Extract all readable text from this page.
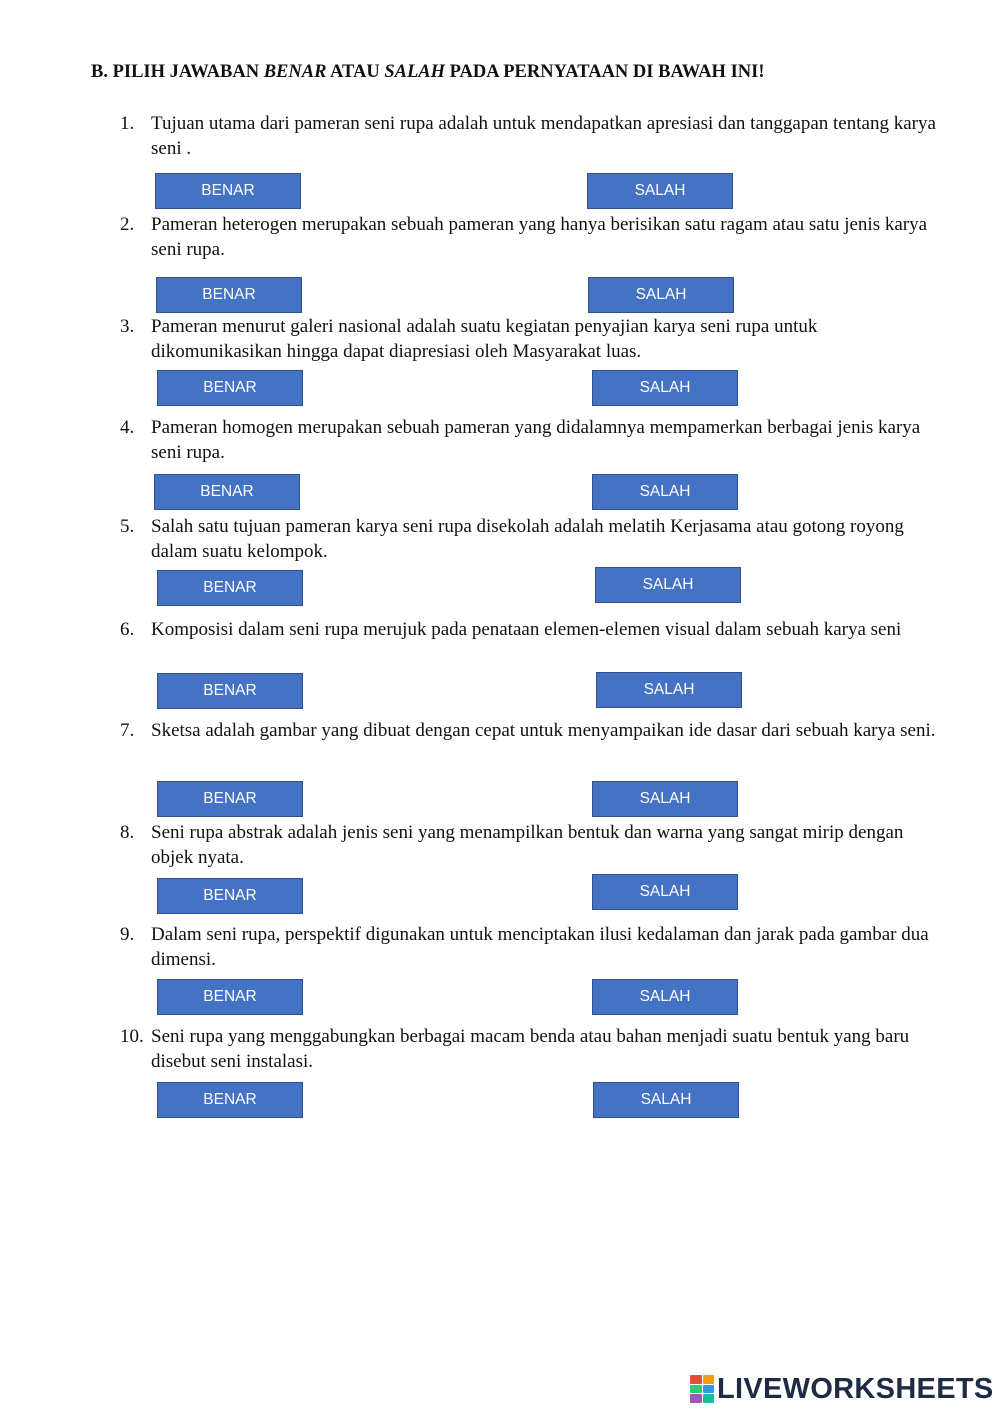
B. PILIH JAWABAN BENAR ATAU SALAH PADA PERNYATAAN DI BAWAH INI!
1. Tujuan utama dari pameran seni rupa adalah untuk mendapatkan apresiasi dan tanggapan tentang karya seni .
BENAR	SALAH
2. Pameran heterogen merupakan sebuah pameran yang hanya berisikan satu ragam atau satu jenis karya seni rupa.
BENAR	SALAH
3. Pameran menurut galeri nasional adalah suatu kegiatan penyajian karya seni rupa untuk dikomunikasikan hingga dapat diapresiasi oleh Masyarakat luas.
BENAR	SALAH
4. Pameran homogen merupakan sebuah pameran yang didalamnya mempamerkan berbagai jenis karya seni rupa.
BENAR	SALAH
5. Salah satu tujuan pameran karya seni rupa disekolah adalah melatih Kerjasama atau gotong royong dalam suatu kelompok.
BENAR	SALAH
6. Komposisi dalam seni rupa merujuk pada penataan elemen-elemen visual dalam sebuah karya seni
BENAR	SALAH
7. Sketsa adalah gambar yang dibuat dengan cepat untuk menyampaikan ide dasar dari sebuah karya seni.
BENAR	SALAH
8. Seni rupa abstrak adalah jenis seni yang menampilkan bentuk dan warna yang sangat mirip dengan objek nyata.
BENAR	SALAH
9. Dalam seni rupa, perspektif digunakan untuk menciptakan ilusi kedalaman dan jarak pada gambar dua dimensi.
BENAR	SALAH
10. Seni rupa yang menggabungkan berbagai macam benda atau bahan menjadi suatu bentuk yang baru disebut seni instalasi.
BENAR	SALAH
LIVEWORKSHEETS
